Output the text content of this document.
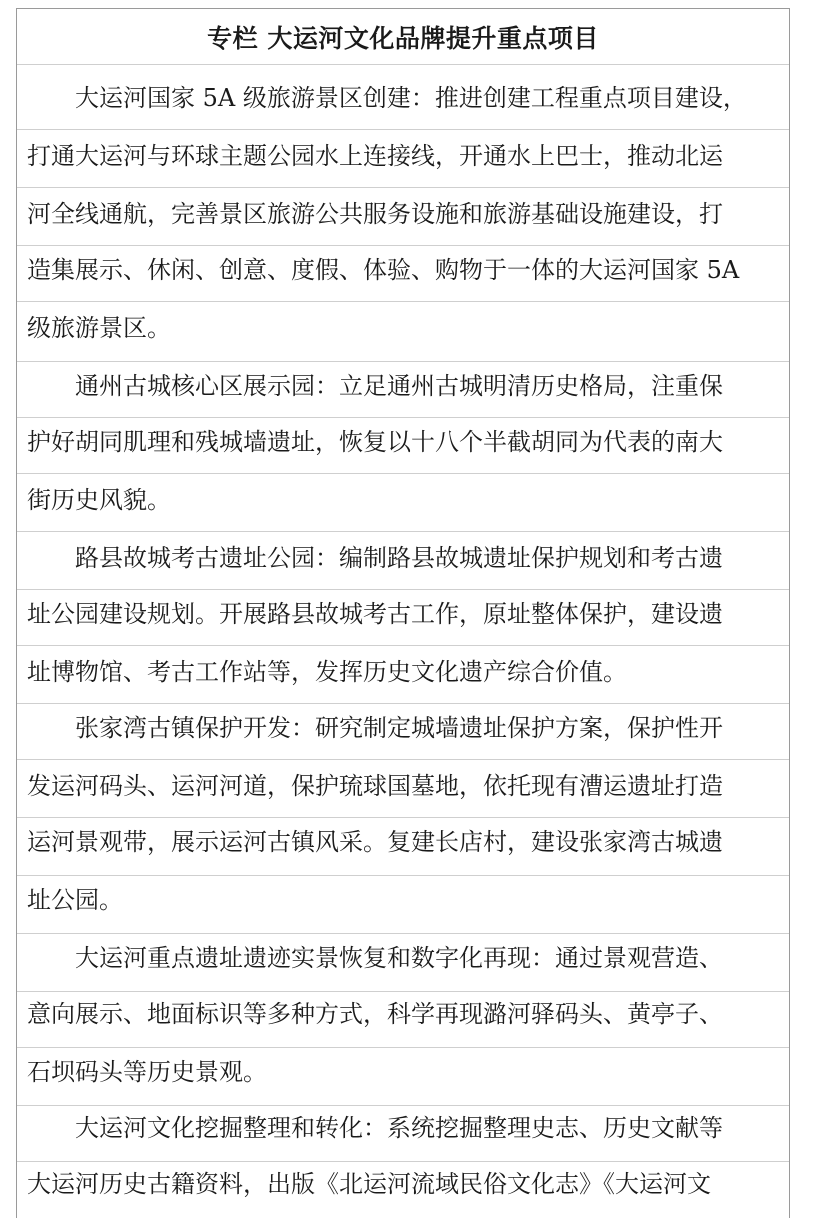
专栏 大运河文化品牌提升重点项目
大运河国家 5A 级旅游景区创建：推进创建工程重点项目建设，
打通大运河与环球主题公园水上连接线，开通水上巴士，推动北运
河全线通航，完善景区旅游公共服务设施和旅游基础设施建设，打
造集展示、休闲、创意、度假、体验、购物于一体的大运河国家 5A
级旅游景区。
通州古城核心区展示园：立足通州古城明清历史格局，注重保
护好胡同肌理和残城墙遗址，恢复以十八个半截胡同为代表的南大
街历史风貌。
路县故城考古遗址公园：编制路县故城遗址保护规划和考古遗
址公园建设规划。开展路县故城考古工作，原址整体保护，建设遗
址博物馆、考古工作站等，发挥历史文化遗产综合价值。
张家湾古镇保护开发：研究制定城墙遗址保护方案，保护性开
发运河码头、运河河道，保护琉球国墓地，依托现有漕运遗址打造
运河景观带，展示运河古镇风采。复建长店村，建设张家湾古城遗
址公园。
大运河重点遗址遗迹实景恢复和数字化再现：通过景观营造、
意向展示、地面标识等多种方式，科学再现潞河驿码头、黄亭子、
石坝码头等历史景观。
大运河文化挖掘整理和转化：系统挖掘整理史志、历史文献等
大运河历史古籍资料，出版《北运河流域民俗文化志》《大运河文
